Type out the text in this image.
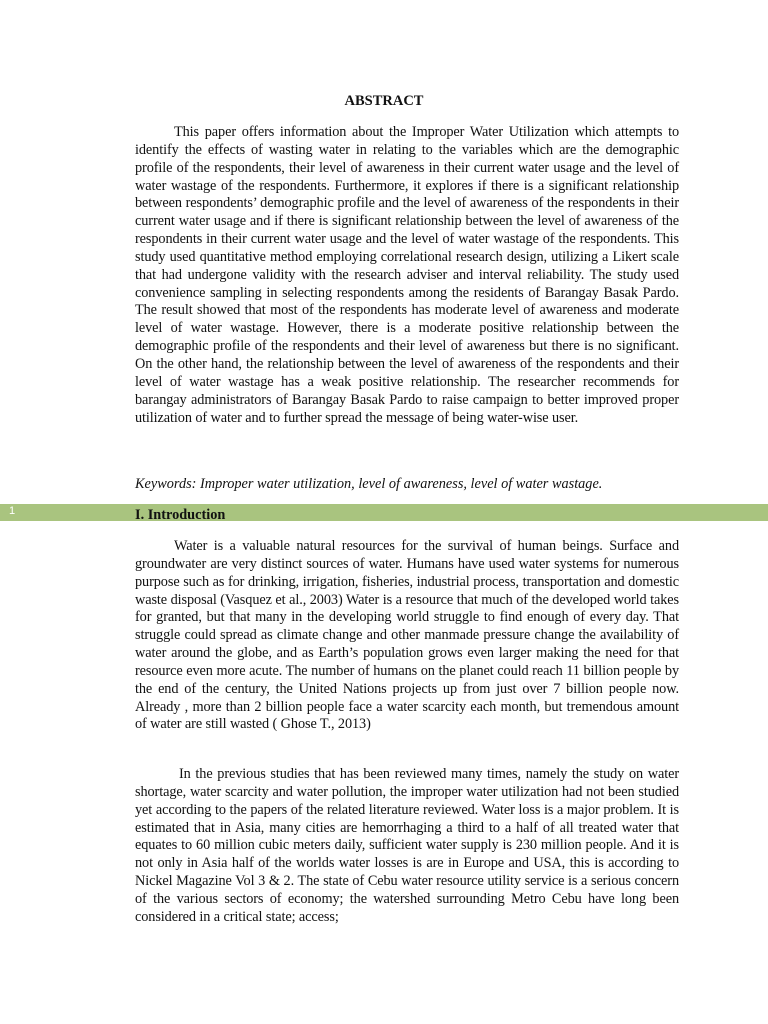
ABSTRACT
This paper offers information about the Improper Water Utilization which attempts to identify the effects of wasting water in relating to the variables which are the demographic profile of the respondents, their level of awareness in their current water usage and the level of water wastage of the respondents. Furthermore, it explores if there is a significant relationship between respondents’ demographic profile and the level of awareness of the respondents in their current water usage and if there is significant relationship between the level of awareness of the respondents in their current water usage and the level of water wastage of the respondents. This study used quantitative method employing correlational research design, utilizing a Likert scale that had undergone validity with the research adviser and interval reliability. The study used convenience sampling in selecting respondents among the residents of Barangay Basak Pardo. The result showed that most of the respondents has moderate level of awareness and moderate level of water wastage. However, there is a moderate positive relationship between the demographic profile of the respondents and their level of awareness but there is no significant. On the other hand, the relationship between the level of awareness of the respondents and their level of water wastage has a weak positive relationship. The researcher recommends for barangay administrators of Barangay Basak Pardo to raise campaign to better improved proper utilization of water and to further spread the message of being water-wise user.
Keywords: Improper water utilization, level of awareness, level of water wastage.
1	I. Introduction
Water is a valuable natural resources for the survival of human beings. Surface and groundwater are very distinct sources of water. Humans have used water systems for numerous purpose such as for drinking, irrigation, fisheries, industrial process, transportation and domestic waste disposal (Vasquez et al., 2003) Water is a resource that much of the developed world takes for granted, but that many in the developing world struggle to find enough of every day. That struggle could spread as climate change and other manmade pressure change the availability of water around the globe, and as Earth’s population grows even larger making the need for that resource even more acute. The number of humans on the planet could reach 11 billion people by the end of the century, the United Nations projects up from just over 7 billion people now. Already , more than 2 billion people face a water scarcity each month, but tremendous amount of water are still wasted ( Ghose T., 2013)
In the previous studies that has been reviewed many times, namely the study on water shortage, water scarcity and water pollution, the improper water utilization had not been studied yet according to the papers of the related literature reviewed. Water loss is a major problem. It is estimated that in Asia, many cities are hemorrhaging a third to a half of all treated water that equates to 60 million cubic meters daily, sufficient water supply is 230 million people. And it is not only in Asia half of the worlds water losses is are in Europe and USA, this is according to Nickel Magazine Vol 3 & 2. The state of Cebu water resource utility service is a serious concern of the various sectors of economy; the watershed surrounding Metro Cebu have long been considered in a critical state; access;
